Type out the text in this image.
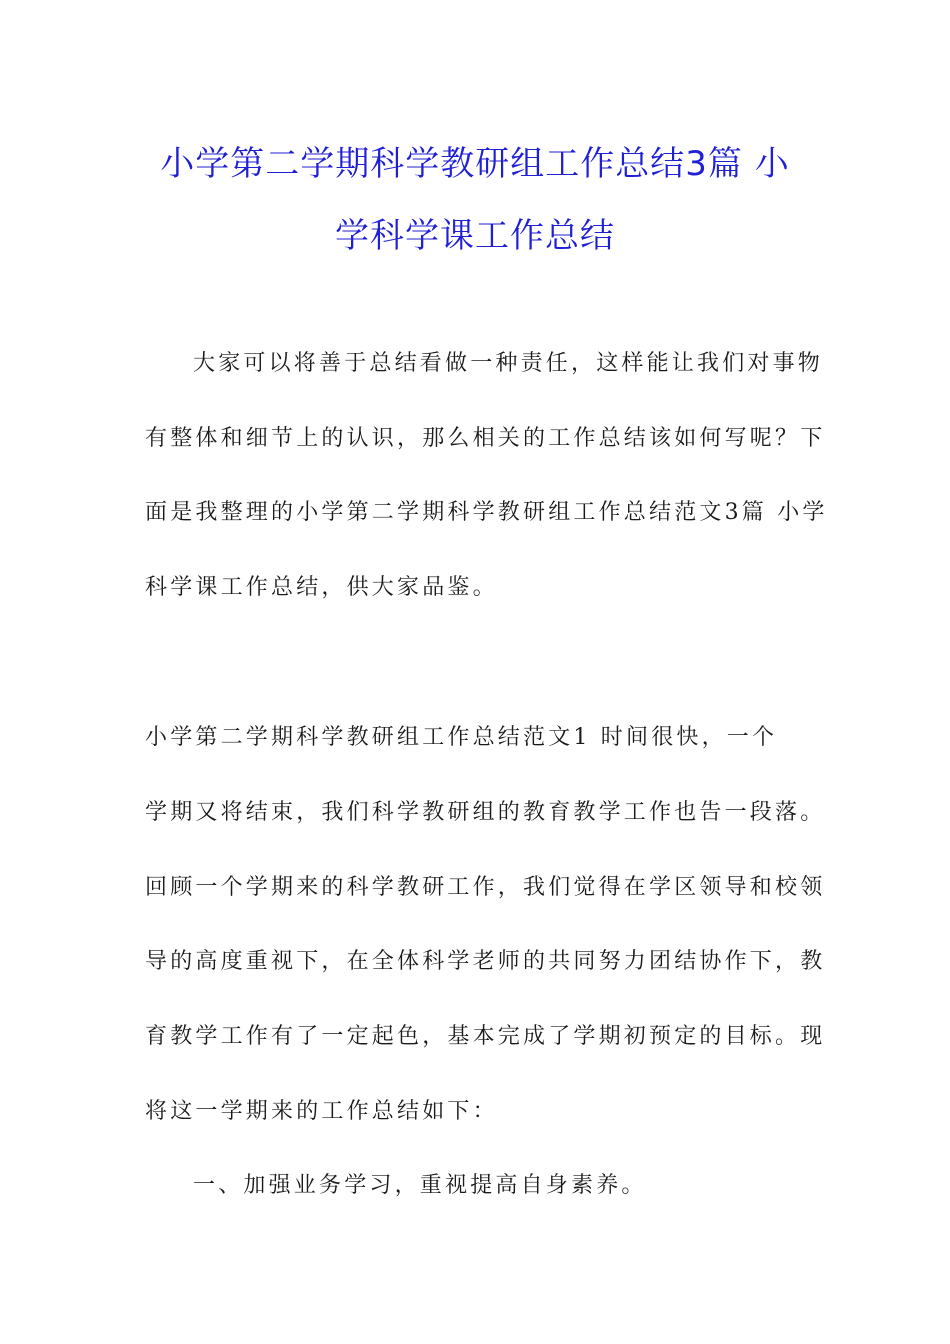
小学第二学期科学教研组工作总结3篇 小
学科学课工作总结
大家可以将善于总结看做一种责任，这样能让我们对事物
有整体和细节上的认识，那么相关的工作总结该如何写呢？下
面是我整理的小学第二学期科学教研组工作总结范文3篇 小学
科学课工作总结，供大家品鉴。
小学第二学期科学教研组工作总结范文1 时间很快，一个
学期又将结束，我们科学教研组的教育教学工作也告一段落。
回顾一个学期来的科学教研工作，我们觉得在学区领导和校领
导的高度重视下，在全体科学老师的共同努力团结协作下，教
育教学工作有了一定起色，基本完成了学期初预定的目标。现
将这一学期来的工作总结如下：
一、加强业务学习，重视提高自身素养。
